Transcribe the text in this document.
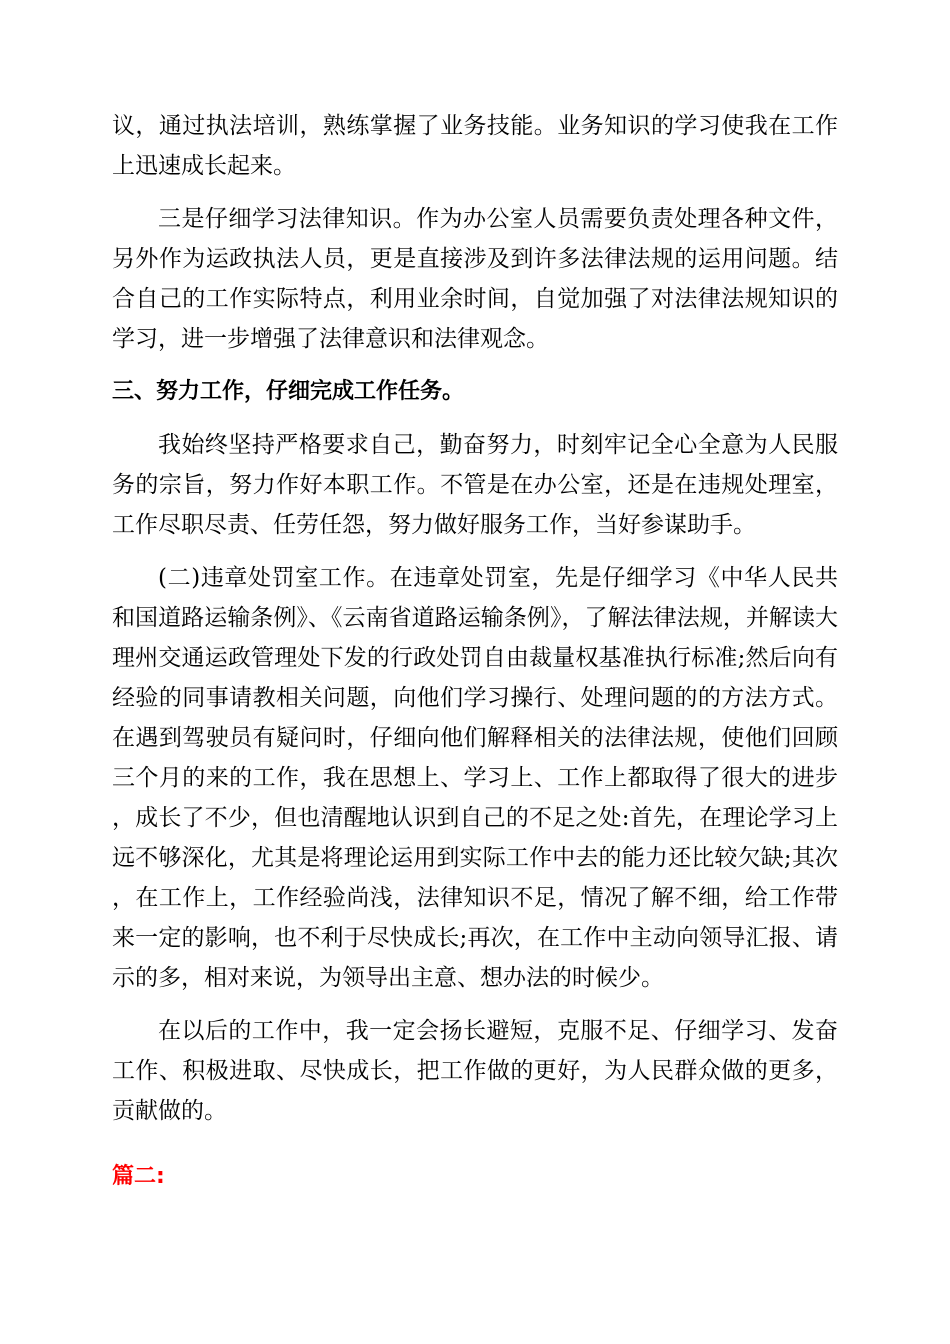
议，通过执法培训，熟练掌握了业务技能。业务知识的学习使我在工作上迅速成长起来。

三是仔细学习法律知识。作为办公室人员需要负责处理各种文件，另外作为运政执法人员，更是直接涉及到许多法律法规的运用问题。结合自己的工作实际特点，利用业余时间，自觉加强了对法律法规知识的学习，进一步增强了法律意识和法律观念。

三、努力工作，仔细完成工作任务。

我始终坚持严格要求自己，勤奋努力，时刻牢记全心全意为人民服务的宗旨，努力作好本职工作。不管是在办公室，还是在违规处理室，工作尽职尽责、任劳任怨，努力做好服务工作，当好参谋助手。

(二)违章处罚室工作。在违章处罚室，先是仔细学习《中华人民共和国道路运输条例》、《云南省道路运输条例》，了解法律法规，并解读大理州交通运政管理处下发的行政处罚自由裁量权基准执行标准;然后向有经验的同事请教相关问题，向他们学习操行、处理问题的的方法方式。在遇到驾驶员有疑问时，仔细向他们解释相关的法律法规，使他们回顾三个月的来的工作，我在思想上、学习上、工作上都取得了很大的进步，成长了不少，但也清醒地认识到自己的不足之处:首先，在理论学习上远不够深化，尤其是将理论运用到实际工作中去的能力还比较欠缺;其次，在工作上，工作经验尚浅，法律知识不足，情况了解不细，给工作带来一定的影响，也不利于尽快成长;再次，在工作中主动向领导汇报、请示的多，相对来说，为领导出主意、想办法的时候少。

在以后的工作中，我一定会扬长避短，克服不足、仔细学习、发奋工作、积极进取、尽快成长，把工作做的更好，为人民群众做的更多，贡献做的。

篇二:
